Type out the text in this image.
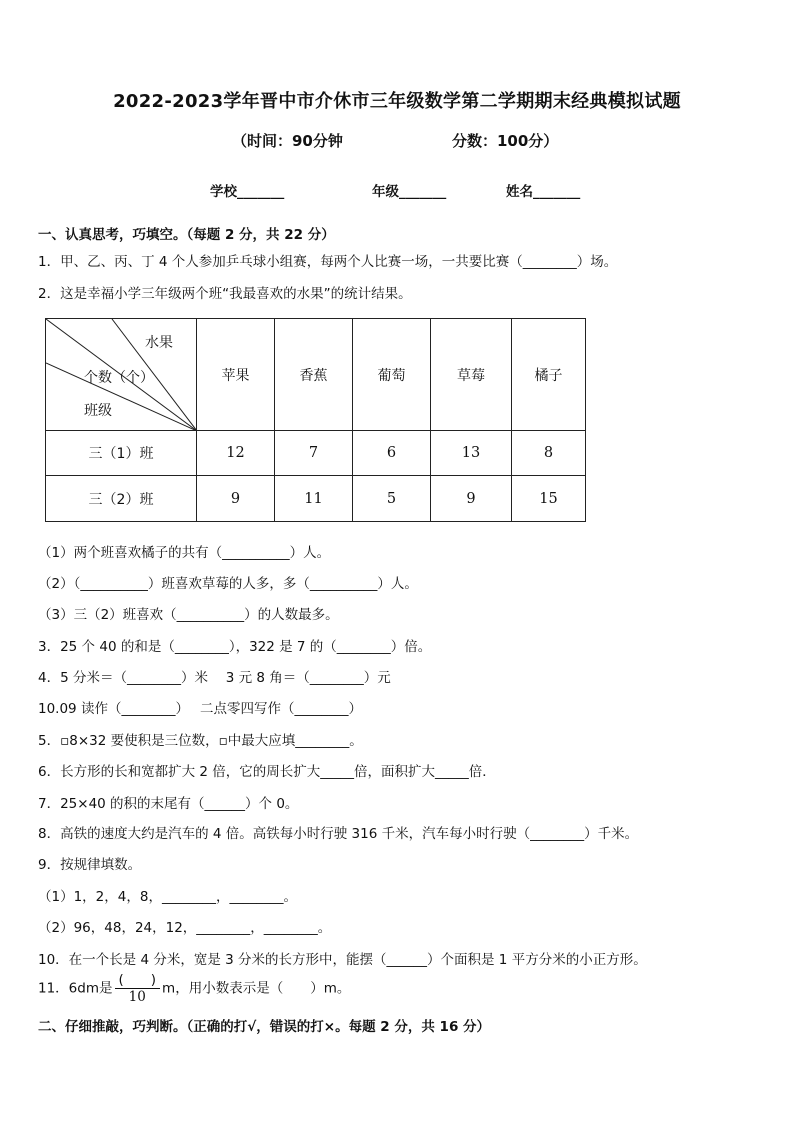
2022-2023学年晋中市介休市三年级数学第二学期期末经典模拟试题
（时间：90分钟	分数：100分）
学校_______	年级_______	姓名_______
一、认真思考，巧填空。（每题 2 分，共 22 分）
1．甲、乙、丙、丁 4 个人参加乒乓球小组赛，每两个人比赛一场，一共要比赛（________）场。
2．这是幸福小学三年级两个班“我最喜欢的水果”的统计结果。
水果
个数（个）
班级	苹果	香蕉	葡萄	草莓	橘子
三（1）班	12	7	6	13	8
三（2）班	9	11	5	9	15
（1）两个班喜欢橘子的共有（__________）人。
（2）（__________）班喜欢草莓的人多，多（__________）人。
（3）三（2）班喜欢（__________）的人数最多。
3．25 个 40 的和是（________），322 是 7 的（________）倍。
4．5 分米＝（________）米　 3 元 8 角＝（________）元
10.09 读作（________）　 二点零四写作（________）
5．▫8×32 要使积是三位数，▫中最大应填________。
6．长方形的长和宽都扩大 2 倍，它的周长扩大_____倍，面积扩大_____倍．
7．25×40 的积的末尾有（______）个 0。
8．高铁的速度大约是汽车的 4 倍。高铁每小时行驶 316 千米，汽车每小时行驶（________）千米。
9．按规律填数。
（1）1，2，4，8，________，________。
（2）96，48，24，12，________，________。
10．在一个长是 4 分米，宽是 3 分米的长方形中，能摆（______）个面积是 1 平方分米的小正方形。
11．6dm是 $\frac{( )}{10}$ m，用小数表示是（　　）m。
二、仔细推敲，巧判断。（正确的打√，错误的打×。每题 2 分，共 16 分）
